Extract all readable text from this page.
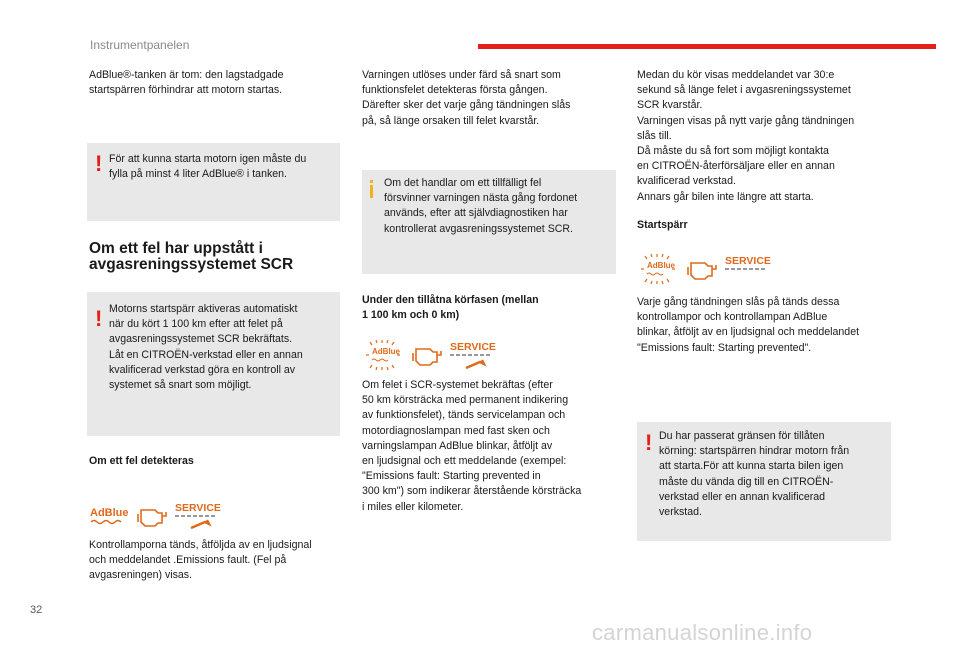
Instrumentpanelen

AdBlue®-tanken är tom: den lagstadgade
startspärren förhindrar att motorn startas.

! För att kunna starta motorn igen måste du
fylla på minst 4 liter AdBlue® i tanken.

Om ett fel har uppstått i
avgasreningssystemet SCR
! Motorns startspärr aktiveras automatiskt
när du kört 1 100 km efter att felet på
avgasreningssystemet SCR bekräftats.
Låt en CITROËN-verkstad eller en annan
kvalificerad verkstad göra en kontroll av
systemet så snart som möjligt.

Om ett fel detekteras

AdBlue	SERVICE

Kontrollamporna tänds, åtföljda av en ljudsignal
och meddelandet .Emissions fault. (Fel på
avgasreningen) visas.

Varningen utlöses under färd så snart som
funktionsfelet detekteras första gången.
Därefter sker det varje gång tändningen slås
på, så länge orsaken till felet kvarstår.

Om det handlar om ett tillfälligt fel
försvinner varningen nästa gång fordonet
används, efter att självdiagnostiken har
kontrollerat avgasreningssystemet SCR.

Under den tillåtna körfasen (mellan
1 100 km och 0 km)

AdBlue	SERVICE

Om felet i SCR-systemet bekräftas (efter
50 km körsträcka med permanent indikering
av funktionsfelet), tänds servicelampan och
motordiagnoslampan med fast sken och
varningslampan AdBlue blinkar, åtföljt av
en ljudsignal och ett meddelande (exempel:
"Emissions fault: Starting prevented in
300 km") som indikerar återstående körsträcka
i miles eller kilometer.

Medan du kör visas meddelandet var 30:e
sekund så länge felet i avgasreningssystemet
SCR kvarstår.
Varningen visas på nytt varje gång tändningen
slås till.
Då måste du så fort som möjligt kontakta
en CITROËN-återförsäljare eller en annan
kvalificerad verkstad.
Annars går bilen inte längre att starta.

Startspärr

AdBlue	SERVICE

Varje gång tändningen slås på tänds dessa
kontrollampor och kontrollampan AdBlue
blinkar, åtföljt av en ljudsignal och meddelandet
"Emissions fault: Starting prevented".

! Du har passerat gränsen för tillåten
körning: startspärren hindrar motorn från
att starta.För att kunna starta bilen igen
måste du vända dig till en CITROËN-
verkstad eller en annan kvalificerad
verkstad.

32
carmanualsonline.info
